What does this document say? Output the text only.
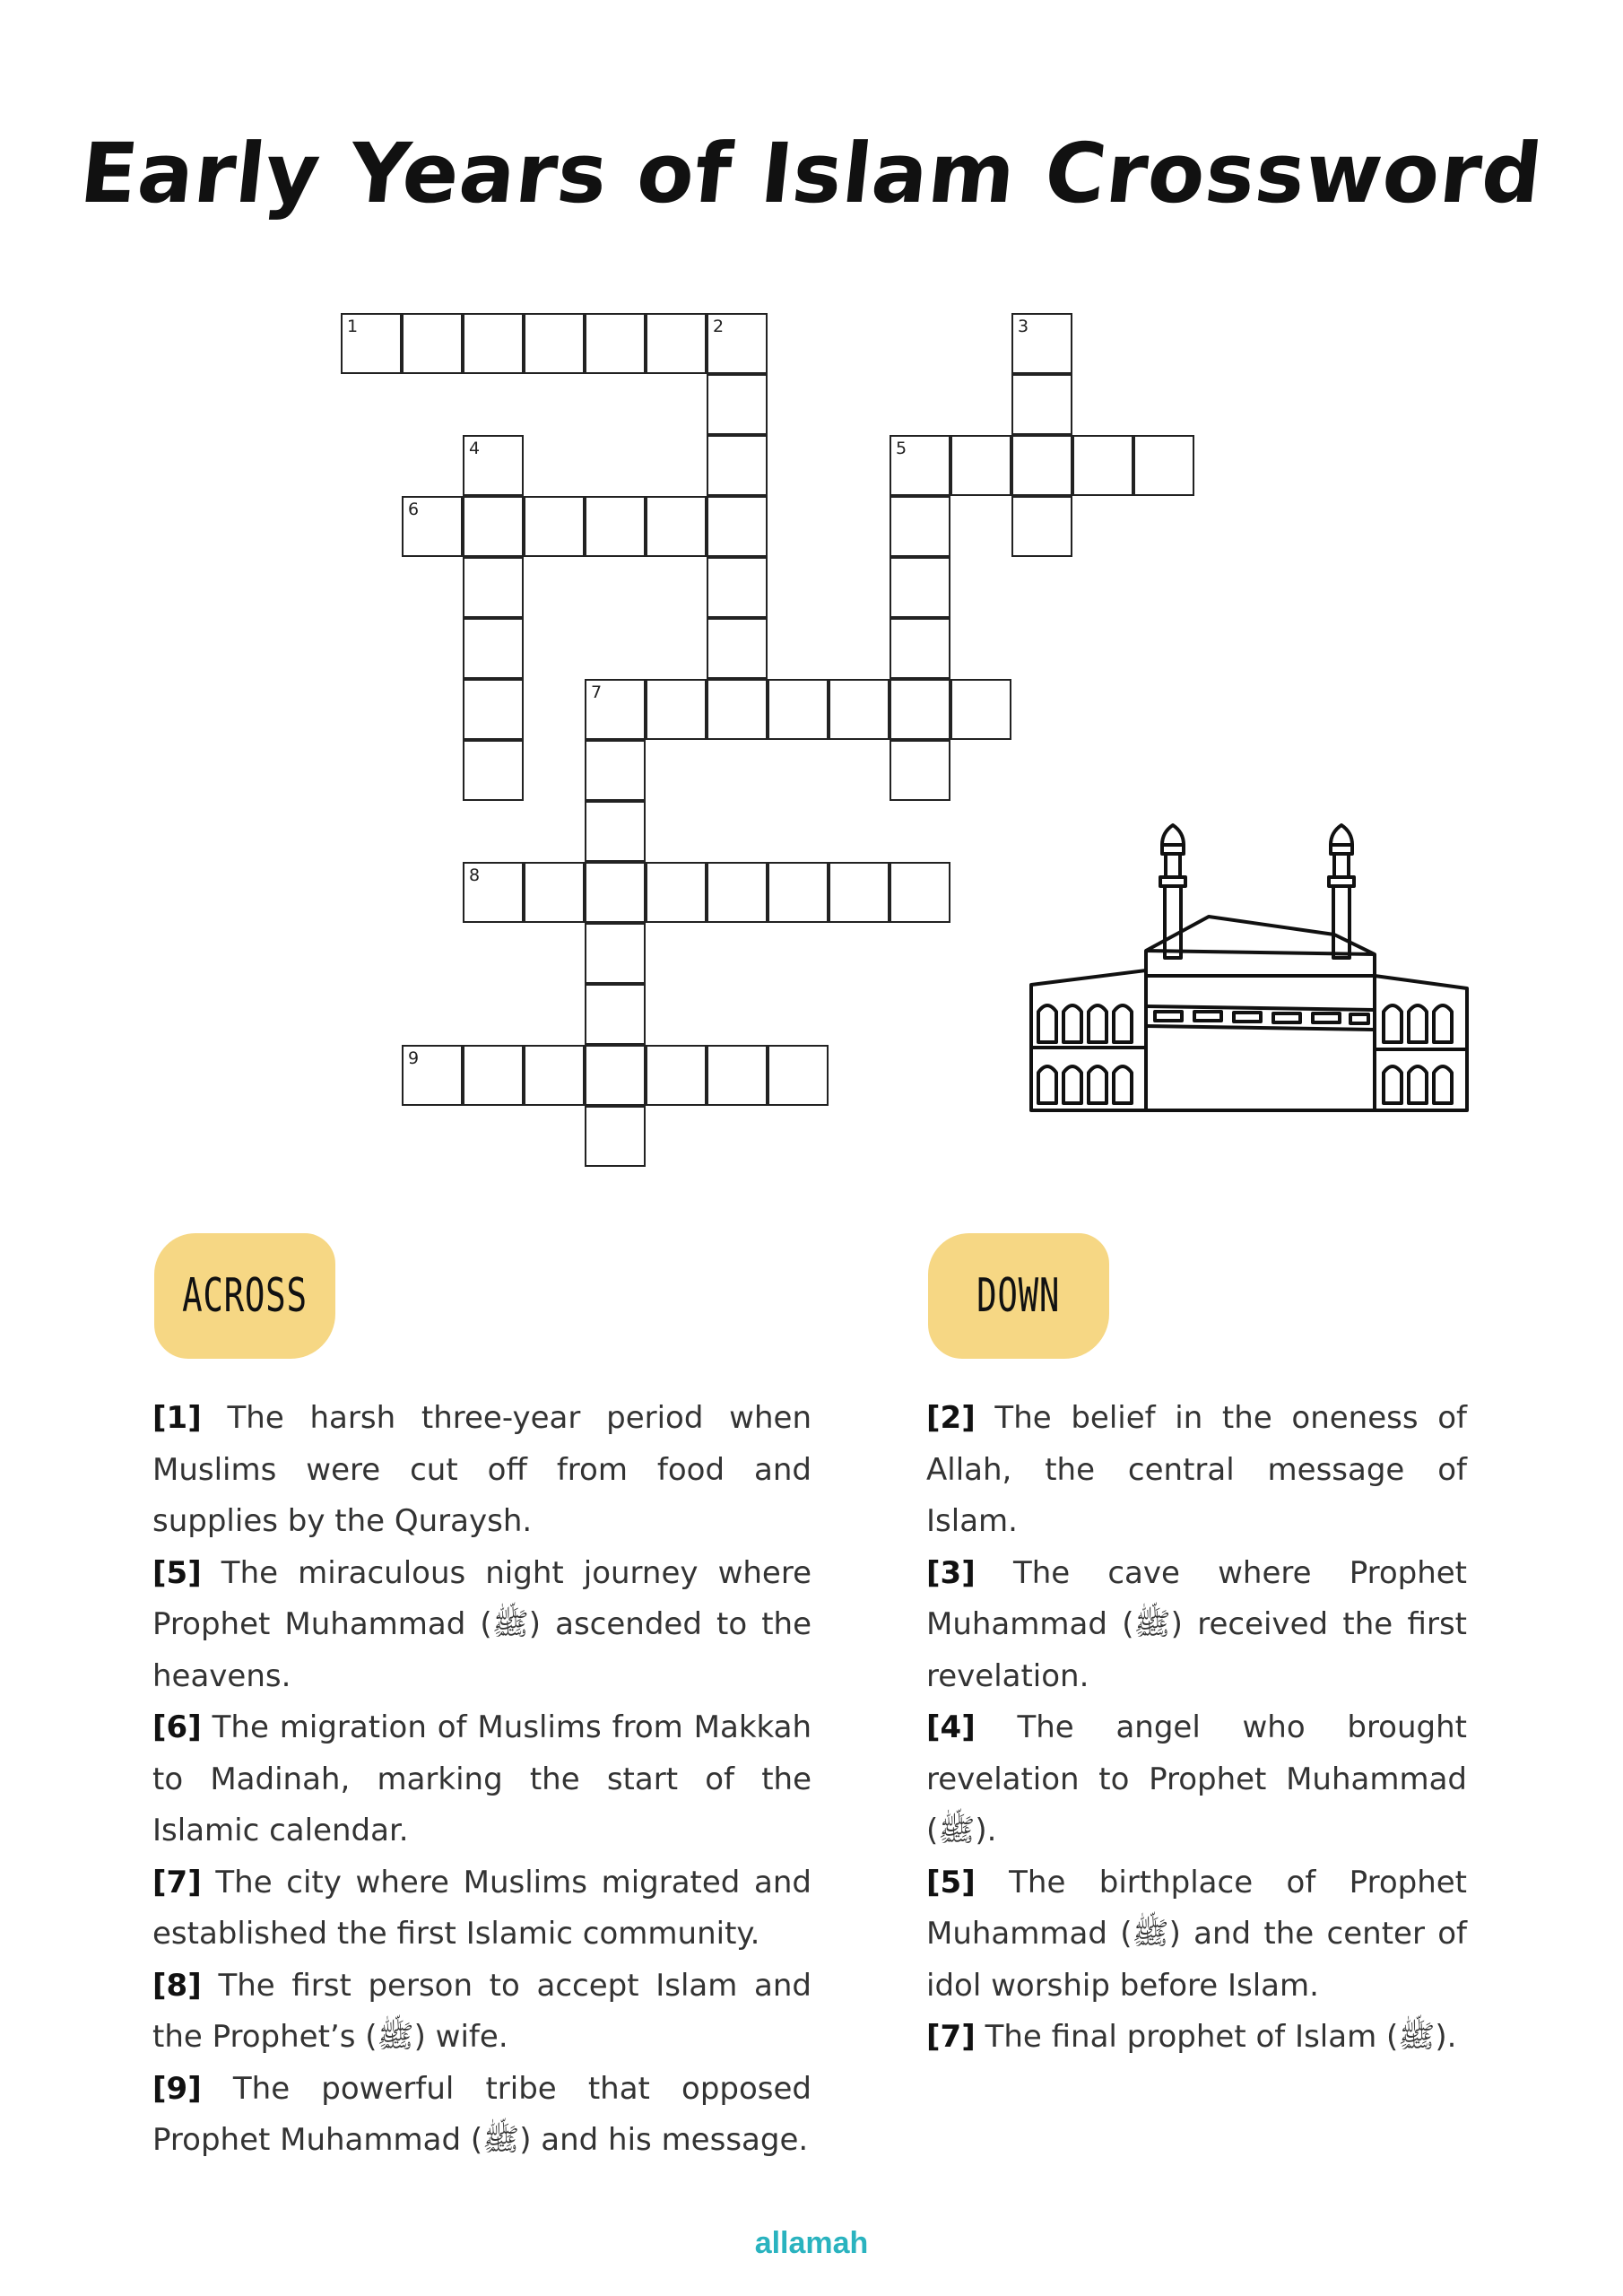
Early Years of Islam Crossword
1	2	3
4	5
6
7
8
9
ACROSS	DOWN

[1] The harsh three-year period when Muslims were cut off from food and supplies by the Quraysh.

[5] The miraculous night journey where Prophet Muhammad (ﷺ) ascended to the heavens.

[6] The migration of Muslims from Makkah to Madinah, marking the start of the Islamic calendar.

[7] The city where Muslims migrated and established the first Islamic community.

[8] The first person to accept Islam and the Prophet’s (ﷺ) wife.

[9] The powerful tribe that opposed Prophet Muhammad (ﷺ) and his message.

[2] The belief in the oneness of Allah, the central message of Islam.

[3] The cave where Prophet Muhammad (ﷺ) received the first revelation.

[4] The angel who brought revelation to Prophet Muhammad (ﷺ).

[5] The birthplace of Prophet Muhammad (ﷺ) and the center of idol worship before Islam.

[7] The final prophet of Islam (ﷺ).

allamah
